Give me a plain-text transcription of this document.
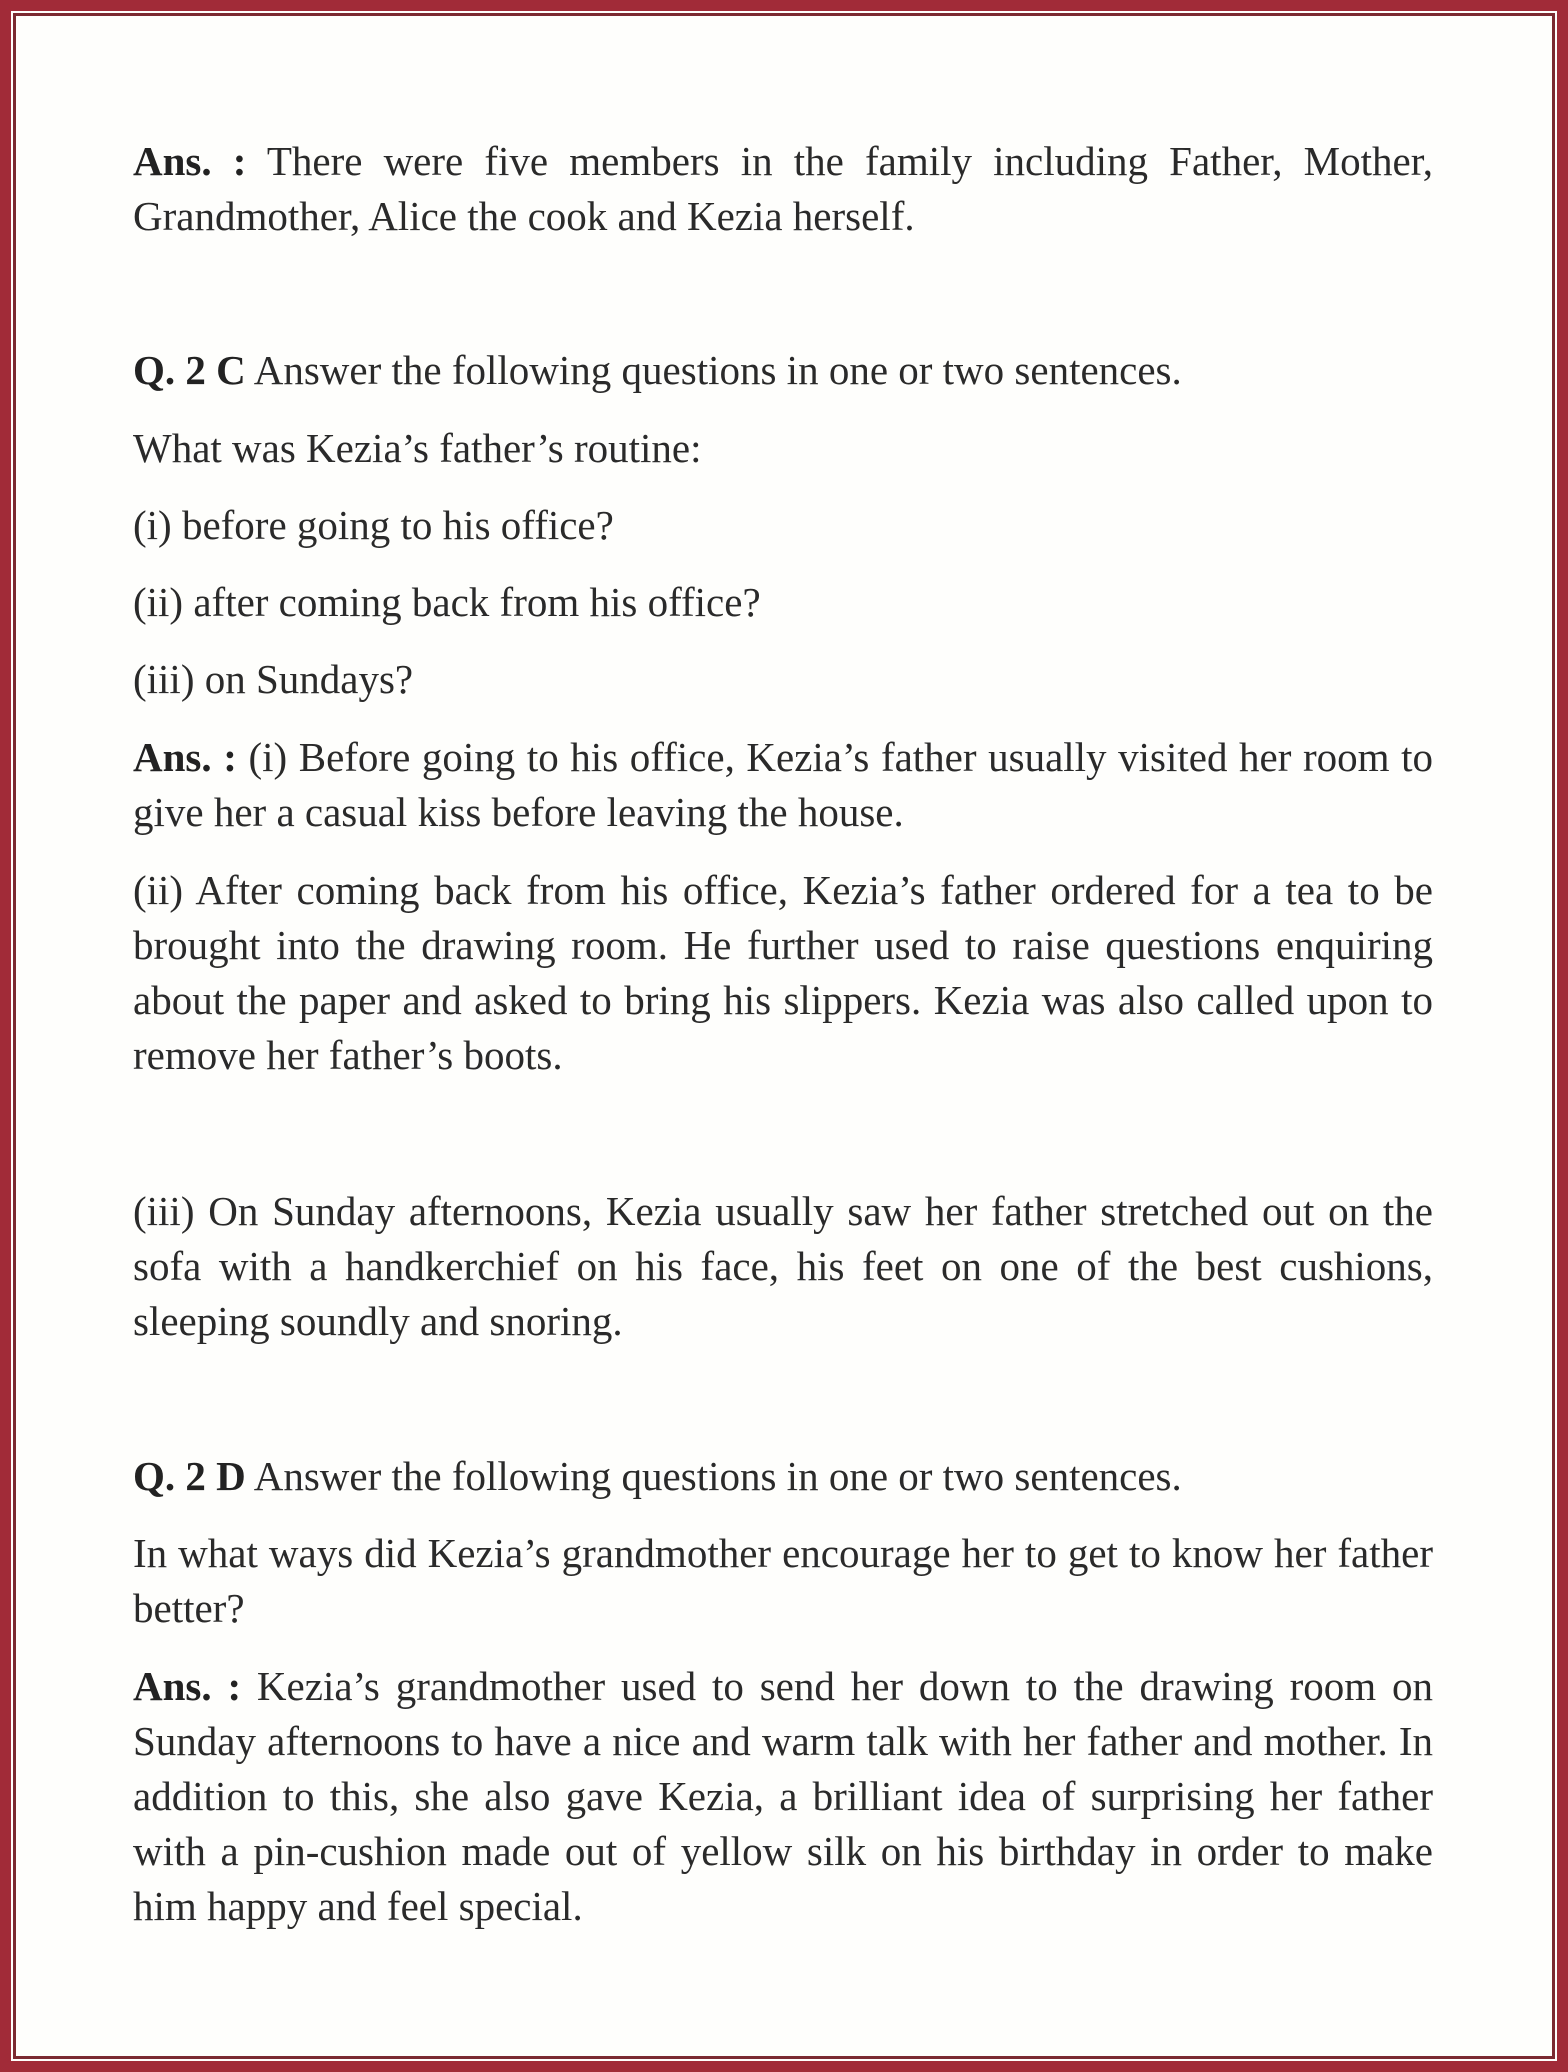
Ans. : There were five members in the family including Father, Mother, Grandmother, Alice the cook and Kezia herself.

Q. 2 C Answer the following questions in one or two sentences.

What was Kezia’s father’s routine:

(i) before going to his office?

(ii) after coming back from his office?

(iii) on Sundays?

Ans. : (i) Before going to his office, Kezia’s father usually visited her room to give her a casual kiss before leaving the house.

(ii) After coming back from his office, Kezia’s father ordered for a tea to be brought into the drawing room. He further used to raise questions enquiring about the paper and asked to bring his slippers. Kezia was also called upon to remove her father’s boots.

(iii) On Sunday afternoons, Kezia usually saw her father stretched out on the sofa with a handkerchief on his face, his feet on one of the best cushions, sleeping soundly and snoring.

Q. 2 D Answer the following questions in one or two sentences.

In what ways did Kezia’s grandmother encourage her to get to know her father better?

Ans. : Kezia’s grandmother used to send her down to the drawing room on Sunday afternoons to have a nice and warm talk with her father and mother. In addition to this, she also gave Kezia, a brilliant idea of surprising her father with a pin-cushion made out of yellow silk on his birthday in order to make him happy and feel special.
